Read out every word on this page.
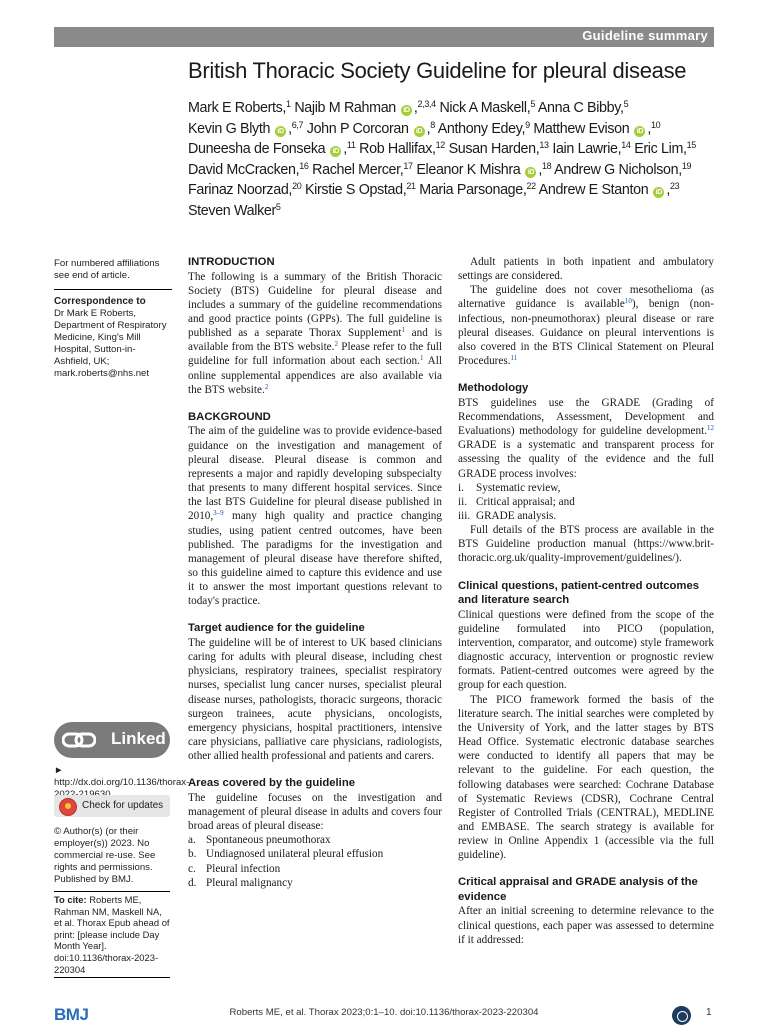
Guideline summary
British Thoracic Society Guideline for pleural disease
Mark E Roberts,$^1$ Najib M Rahman iD ,$^{2,3,4}$ Nick A Maskell,$^5$ Anna C Bibby,$^5$
Kevin G Blyth iD ,$^{6,7}$ John P Corcoran iD ,$^8$ Anthony Edey,$^9$ Matthew Evison iD ,$^{10}$
Duneesha de Fonseka iD ,$^{11}$ Rob Hallifax,$^{12}$ Susan Harden,$^{13}$ Iain Lawrie,$^{14}$ Eric Lim,$^{15}$
David McCracken,$^{16}$ Rachel Mercer,$^{17}$ Eleanor K Mishra iD ,$^{18}$ Andrew G Nicholson,$^{19}$
Farinaz Noorzad,$^{20}$ Kirstie S Opstad,$^{21}$ Maria Parsonage,$^{22}$ Andrew E Stanton iD ,$^{23}$
Steven Walker$^5$
For numbered affiliations see end of article.
Correspondence to
Dr Mark E Roberts, Department of Respiratory Medicine, King's Mill Hospital, Sutton-in-Ashfield, UK; mark.roberts@nhs.net
Linked
► http://dx.doi.org/10.1136/thorax-
Check for updates
© Author(s) (or their employer(s)) 2023. No commercial re-use. See rights and permissions. Published by BMJ.
To cite: Roberts ME, Rahman NM, Maskell NA, et al. Thorax Epub ahead of print: [please include Day Month Year]. doi:10.1136/thorax-2023-220304
INTRODUCTION

The following is a summary of the British Thoracic Society (BTS) Guideline for pleural disease and includes a summary of the guideline recommendations and good practice points (GPPs). The full guideline is published as a separate Thorax Supplement$^1$ and is available from the BTS website.$^2$ Please refer to the full guideline for full information about each section.$^1$ All online supplemental appendices are also available via the BTS website.$^2$

BACKGROUND

The aim of the guideline was to provide evidence-based guidance on the investigation and management of pleural disease. Pleural disease is common and represents a major and rapidly developing subspecialty that presents to many different hospital services. Since the last BTS Guideline for pleural disease published in 2010,$^{3-9}$ many high quality and practice changing studies, using patient centred outcomes, have been published. The paradigms for the investigation and management of pleural disease have therefore shifted, so this guideline aimed to capture this evidence and use it to answer the most important questions relevant to today's practice.

Target audience for the guideline

The guideline will be of interest to UK based clinicians caring for adults with pleural disease, including chest physicians, respiratory trainees, specialist respiratory nurses, specialist lung cancer nurses, specialist pleural disease nurses, pathologists, thoracic surgeons, thoracic surgeon trainees, acute physicians, oncologists, emergency physicians, hospital practitioners, intensive care physicians, palliative care physicians, radiologists, other allied health professional and patients and carers.

Areas covered by the guideline

The guideline focuses on the investigation and management of pleural disease in adults and covers four broad areas of pleural disease:

a. Spontaneous pneumothorax
b. Undiagnosed unilateral pleural effusion
c. Pleural infection
d. Pleural malignancy

Adult patients in both inpatient and ambulatory settings are considered.

The guideline does not cover mesothelioma (as alternative guidance is available$^{10}$), benign (non-infectious, non-pneumothorax) pleural disease or rare pleural diseases. Guidance on pleural interventions is also covered in the BTS Clinical Statement on Pleural Procedures.$^{11}$

Methodology

BTS guidelines use the GRADE (Grading of Recommendations, Assessment, Development and Evaluations) methodology for guideline development.$^{12}$ GRADE is a systematic and transparent process for assessing the quality of the evidence and the full GRADE process involves:

i.	Systematic review,
ii. Critical appraisal; and
iii. GRADE analysis.

Full details of the BTS process are available in the BTS Guideline production manual (https://www.brit-thoracic.org.uk/quality-improvement/guidelines/).

Clinical questions, patient-centred outcomes and literature search

Clinical questions were defined from the scope of the guideline formulated into PICO (population, intervention, comparator, and outcome) style framework diagnostic accuracy, intervention or prognostic review formats. Patient-centred outcomes were agreed by the group for each question.

The PICO framework formed the basis of the literature search. The initial searches were completed by the University of York, and the latter stages by BTS Head Office. Systematic electronic database searches were conducted to identify all papers that may be relevant to the guideline. For each question, the following databases were searched: Cochrane Database of Systematic Reviews (CDSR), Cochrane Central Register of Controlled Trials (CENTRAL), MEDLINE and EMBASE. The search strategy is available for review in Online Appendix 1 (accessible via the full guideline).

Critical appraisal and GRADE analysis of the evidence

After an initial screening to determine relevance to the clinical questions, each paper was assessed to determine if it addressed:

BMJ	Roberts ME, et al. Thorax 2023;0:1–10. doi:10.1136/thorax-2023-220304	1
